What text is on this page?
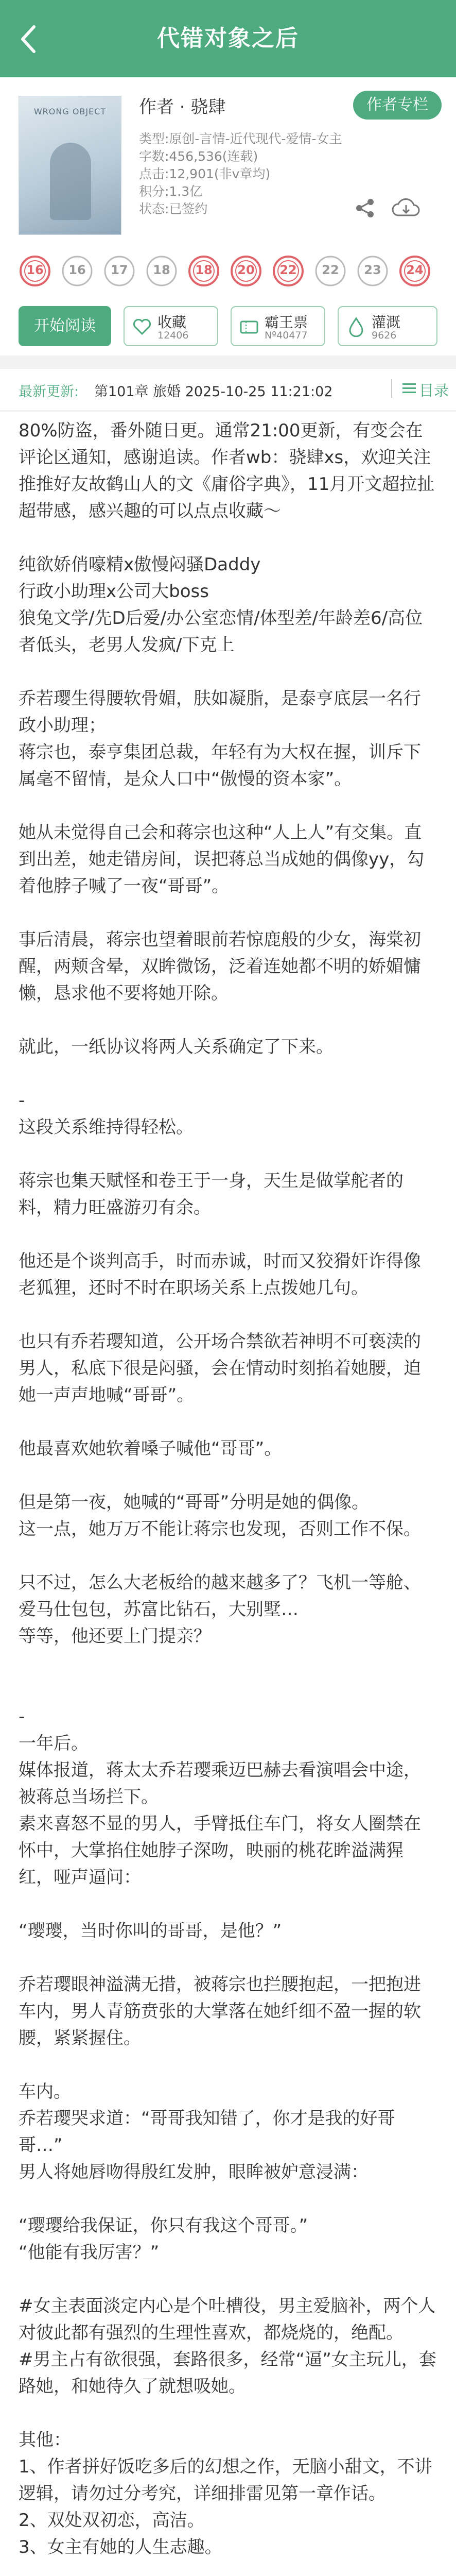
代错对象之后
WRONG OBJECT	作者 · 骁肆	作者专栏
类型:原创-言情-近代现代-爱情-女主
字数:456,536(连载)
点击:12,901(非v章均)
积分:1.3亿
状态:已签约
16	16	17	18	18	20	22	22	23	24
开始阅读	收藏
12406
霸王票
Nº40477
灌溉
9626
最新更新: 第101章 旅婚 2025-10-25 11:21:02	目录
80%防盗，番外随日更。通常21:00更新，有变会在评论区通知，感谢追读。作者wb：骁肆xs，欢迎关注
推推好友故鹤山人的文《庸俗字典》，11月开文超拉扯超带感，感兴趣的可以点点收藏～

纯欲娇俏嚎精x傲慢闷骚Daddy
行政小助理x公司大boss
狼兔文学/先D后爱/办公室恋情/体型差/年龄差6/高位者低头，老男人发疯/下克上

乔若璎生得腰软骨媚，肤如凝脂，是泰亨底层一名行政小助理；
蒋宗也，泰亨集团总裁，年轻有为大权在握，训斥下属毫不留情，是众人口中“傲慢的资本家”。

她从未觉得自己会和蒋宗也这种“人上人”有交集。直到出差，她走错房间，误把蒋总当成她的偶像yy，勾着他脖子喊了一夜“哥哥”。

事后清晨，蒋宗也望着眼前若惊鹿般的少女，海棠初醒，两颊含晕，双眸微饧，泛着连她都不明的娇媚慵懒，恳求他不要将她开除。

就此，一纸协议将两人关系确定了下来。

-
这段关系维持得轻松。

蒋宗也集天赋怪和卷王于一身，天生是做掌舵者的料，精力旺盛游刃有余。

他还是个谈判高手，时而赤诚，时而又狡猾奸诈得像老狐狸，还时不时在职场关系上点拨她几句。

也只有乔若璎知道，公开场合禁欲若神明不可亵渎的男人，私底下很是闷骚，会在情动时刻掐着她腰，迫她一声声地喊“哥哥”。

他最喜欢她软着嗓子喊他“哥哥”。

但是第一夜，她喊的“哥哥”分明是她的偶像。
这一点，她万万不能让蒋宗也发现，否则工作不保。

只不过，怎么大老板给的越来越多了？飞机一等舱、爱马仕包包，苏富比钻石，大别墅…
等等，他还要上门提亲？

-
一年后。
媒体报道，蒋太太乔若璎乘迈巴赫去看演唱会中途，被蒋总当场拦下。
素来喜怒不显的男人，手臂抵住车门，将女人圈禁在怀中，大掌掐住她脖子深吻，映丽的桃花眸溢满猩红，哑声逼问：

“璎璎，当时你叫的哥哥，是他？”

乔若璎眼神溢满无措，被蒋宗也拦腰抱起，一把抱进车内，男人青筋贲张的大掌落在她纤细不盈一握的软腰，紧紧握住。

车内。
乔若璎哭求道：“哥哥我知错了，你才是我的好哥哥…”
男人将她唇吻得殷红发肿，眼眸被妒意浸满：

“璎璎给我保证，你只有我这个哥哥。”
“他能有我厉害？”

#女主表面淡定内心是个吐槽役，男主爱脑补，两个人对彼此都有强烈的生理性喜欢，都烧烧的，绝配。
#男主占有欲很强，套路很多，经常“逼”女主玩儿，套路她，和她待久了就想吸她。

其他：
1、作者拼好饭吃多后的幻想之作，无脑小甜文，不讲逻辑，请勿过分考究，详细排雷见第一章作话。
2、双处双初恋，高洁。
3、女主有她的人生志趣。
